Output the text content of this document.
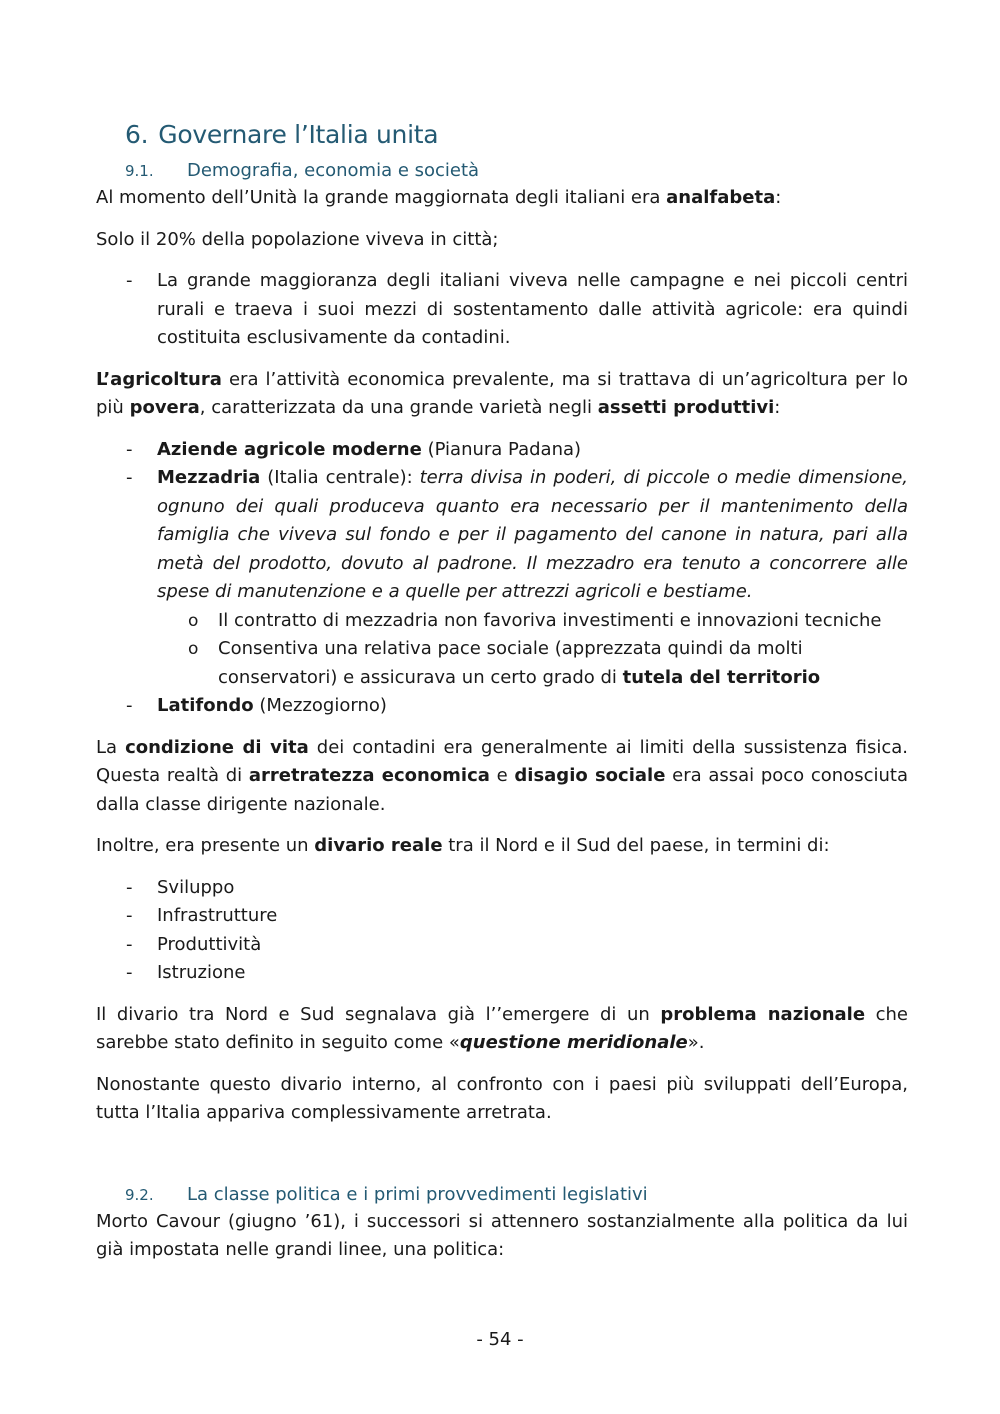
6. Governare l’Italia unita
9.1. Demografia, economia e società

Al momento dell’Unità la grande maggiornata degli italiani era analfabeta:

Solo il 20% della popolazione viveva in città;

- La grande maggioranza degli italiani viveva nelle campagne e nei piccoli centri rurali e traeva i suoi mezzi di sostentamento dalle attività agricole: era quindi costituita esclusivamente da contadini.

L’agricoltura era l’attività economica prevalente, ma si trattava di un’agricoltura per lo più povera, caratterizzata da una grande varietà negli assetti produttivi:

- Aziende agricole moderne (Pianura Padana)
- Mezzadria (Italia centrale): terra divisa in poderi, di piccole o medie dimensione, ognuno dei quali produceva quanto era necessario per il mantenimento della famiglia che viveva sul fondo e per il pagamento del canone in natura, pari alla metà del prodotto, dovuto al padrone. Il mezzadro era tenuto a concorrere alle spese di manutenzione e a quelle per attrezzi agricoli e bestiame.
o Il contratto di mezzadria non favoriva investimenti e innovazioni tecniche
o Consentiva una relativa pace sociale (apprezzata quindi da molti conservatori) e assicurava un certo grado di tutela del territorio
- Latifondo (Mezzogiorno)

La condizione di vita dei contadini era generalmente ai limiti della sussistenza fisica. Questa realtà di arretratezza economica e disagio sociale era assai poco conosciuta dalla classe dirigente nazionale.

Inoltre, era presente un divario reale tra il Nord e il Sud del paese, in termini di:

- Sviluppo
- Infrastrutture
- Produttività
- Istruzione

Il divario tra Nord e Sud segnalava già l’’emergere di un problema nazionale che sarebbe stato definito in seguito come «questione meridionale».

Nonostante questo divario interno, al confronto con i paesi più sviluppati dell’Europa, tutta l’Italia appariva complessivamente arretrata.

9.2. La classe politica e i primi provvedimenti legislativi

Morto Cavour (giugno ’61), i successori si attennero sostanzialmente alla politica da lui già impostata nelle grandi linee, una politica:

- 54 -
